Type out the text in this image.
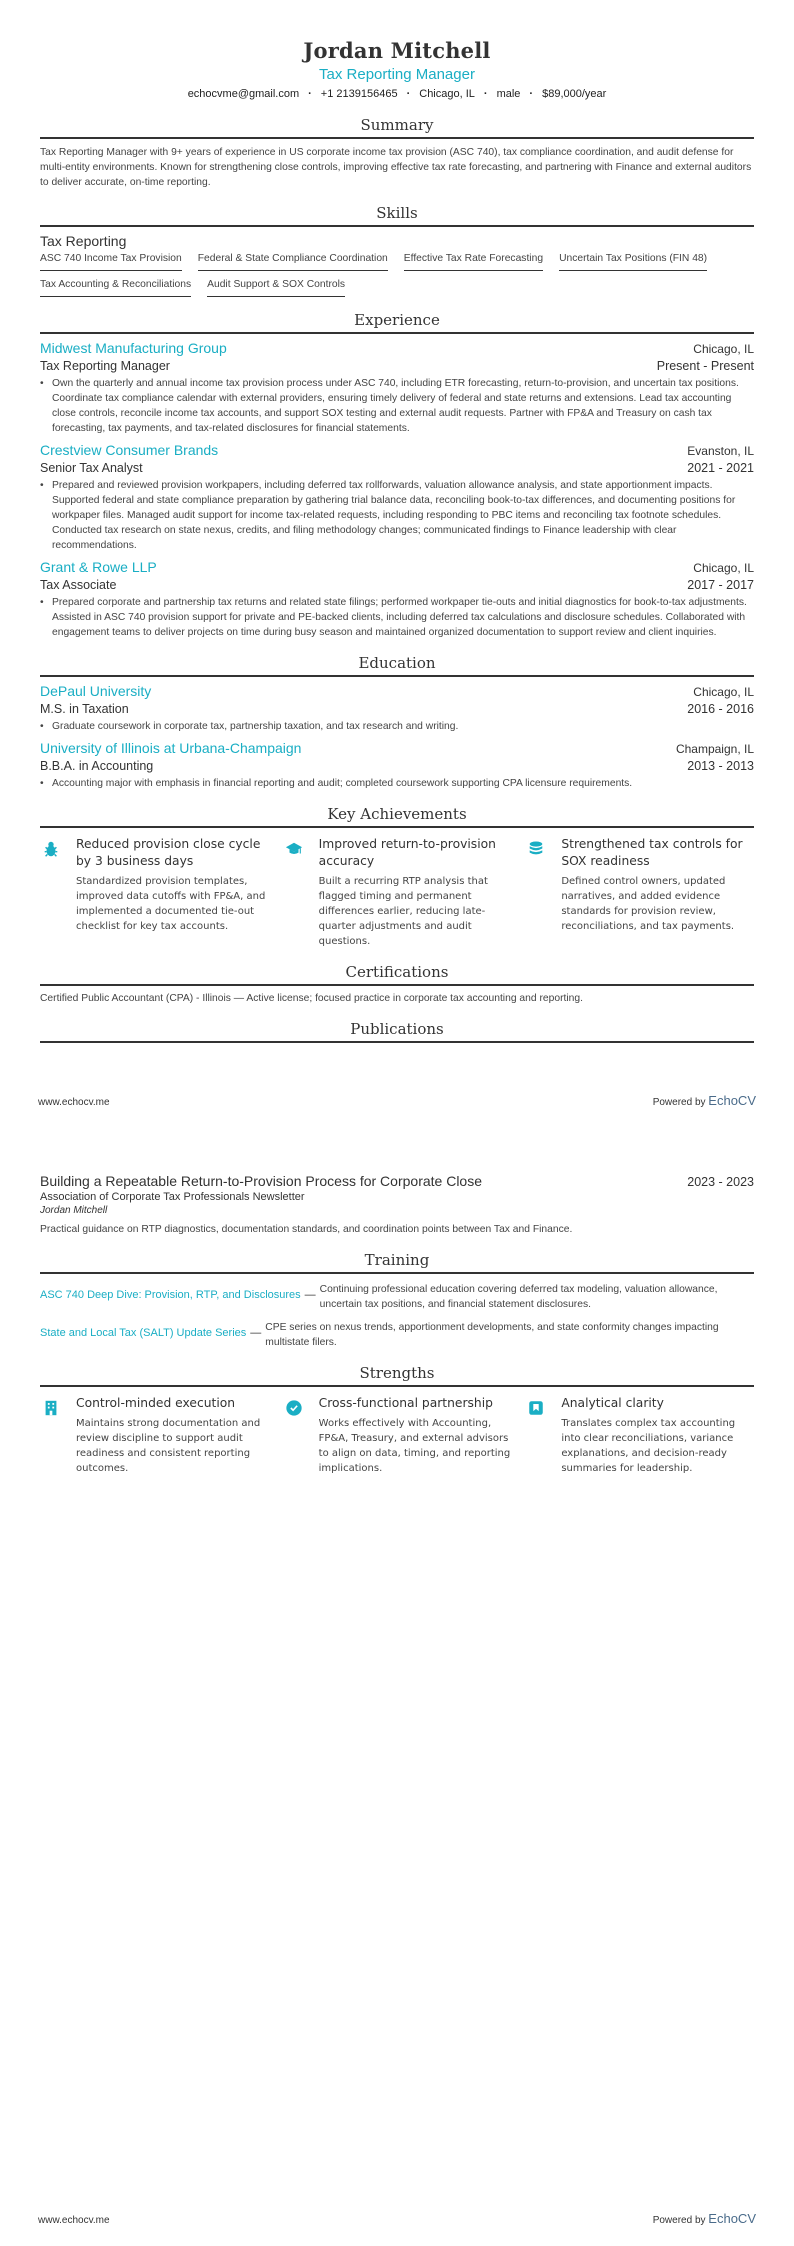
Jordan Mitchell
Tax Reporting Manager
echocvme@gmail.com · +1 2139156465 · Chicago, IL · male · $89,000/year
Summary
Tax Reporting Manager with 9+ years of experience in US corporate income tax provision (ASC 740), tax compliance coordination, and audit defense for multi-entity environments. Known for strengthening close controls, improving effective tax rate forecasting, and partnering with Finance and external auditors to deliver accurate, on-time reporting.
Skills
Tax Reporting
ASC 740 Income Tax Provision Federal & State Compliance Coordination Effective Tax Rate Forecasting Uncertain Tax Positions (FIN 48)
Tax Accounting & Reconciliations Audit Support & SOX Controls
Experience
Midwest Manufacturing Group	Chicago, IL
Tax Reporting Manager	Present - Present
• Own the quarterly and annual income tax provision process under ASC 740, including ETR forecasting, return-to-provision, and uncertain tax positions. Coordinate tax compliance calendar with external providers, ensuring timely delivery of federal and state returns and extensions. Lead tax accounting close controls, reconcile income tax accounts, and support SOX testing and external audit requests. Partner with FP&A and Treasury on cash tax forecasting, tax payments, and tax-related disclosures for financial statements.
Crestview Consumer Brands	Evanston, IL
Senior Tax Analyst	2021 - 2021
• Prepared and reviewed provision workpapers, including deferred tax rollforwards, valuation allowance analysis, and state apportionment impacts. Supported federal and state compliance preparation by gathering trial balance data, reconciling book-to-tax differences, and documenting positions for workpaper files. Managed audit support for income tax-related requests, including responding to PBC items and reconciling tax footnote schedules. Conducted tax research on state nexus, credits, and filing methodology changes; communicated findings to Finance leadership with clear recommendations.
Grant & Rowe LLP	Chicago, IL
Tax Associate	2017 - 2017
• Prepared corporate and partnership tax returns and related state filings; performed workpaper tie-outs and initial diagnostics for book-to-tax adjustments. Assisted in ASC 740 provision support for private and PE-backed clients, including deferred tax calculations and disclosure schedules. Collaborated with engagement teams to deliver projects on time during busy season and maintained organized documentation to support review and client inquiries.
Education
DePaul University	Chicago, IL
M.S. in Taxation	2016 - 2016
• Graduate coursework in corporate tax, partnership taxation, and tax research and writing.
University of Illinois at Urbana-Champaign	Champaign, IL
B.B.A. in Accounting	2013 - 2013
• Accounting major with emphasis in financial reporting and audit; completed coursework supporting CPA licensure requirements.
Key Achievements
Reduced provision close cycle by 3 business days
Standardized provision templates, improved data cutoffs with FP&A, and implemented a documented tie-out checklist for key tax accounts.
Improved return-to-provision accuracy
Built a recurring RTP analysis that flagged timing and permanent differences earlier, reducing late-quarter adjustments and audit questions.
Strengthened tax controls for SOX readiness
Defined control owners, updated narratives, and added evidence standards for provision review, reconciliations, and tax payments.
Certifications
Certified Public Accountant (CPA) - Illinois — Active license; focused practice in corporate tax accounting and reporting.
Publications
www.echocv.me	Powered by EchoCV
Building a Repeatable Return-to-Provision Process for Corporate Close	2023 - 2023
Association of Corporate Tax Professionals Newsletter
Jordan Mitchell
Practical guidance on RTP diagnostics, documentation standards, and coordination points between Tax and Finance.
Training
ASC 740 Deep Dive: Provision, RTP, and Disclosures — Continuing professional education covering deferred tax modeling, valuation allowance, uncertain tax positions, and financial statement disclosures.
State and Local Tax (SALT) Update Series — CPE series on nexus trends, apportionment developments, and state conformity changes impacting multistate filers.
Strengths
Control-minded execution
Maintains strong documentation and review discipline to support audit readiness and consistent reporting outcomes.
Cross-functional partnership
Works effectively with Accounting, FP&A, Treasury, and external advisors to align on data, timing, and reporting implications.
Analytical clarity
Translates complex tax accounting into clear reconciliations, variance explanations, and decision-ready summaries for leadership.
www.echocv.me	Powered by EchoCV
